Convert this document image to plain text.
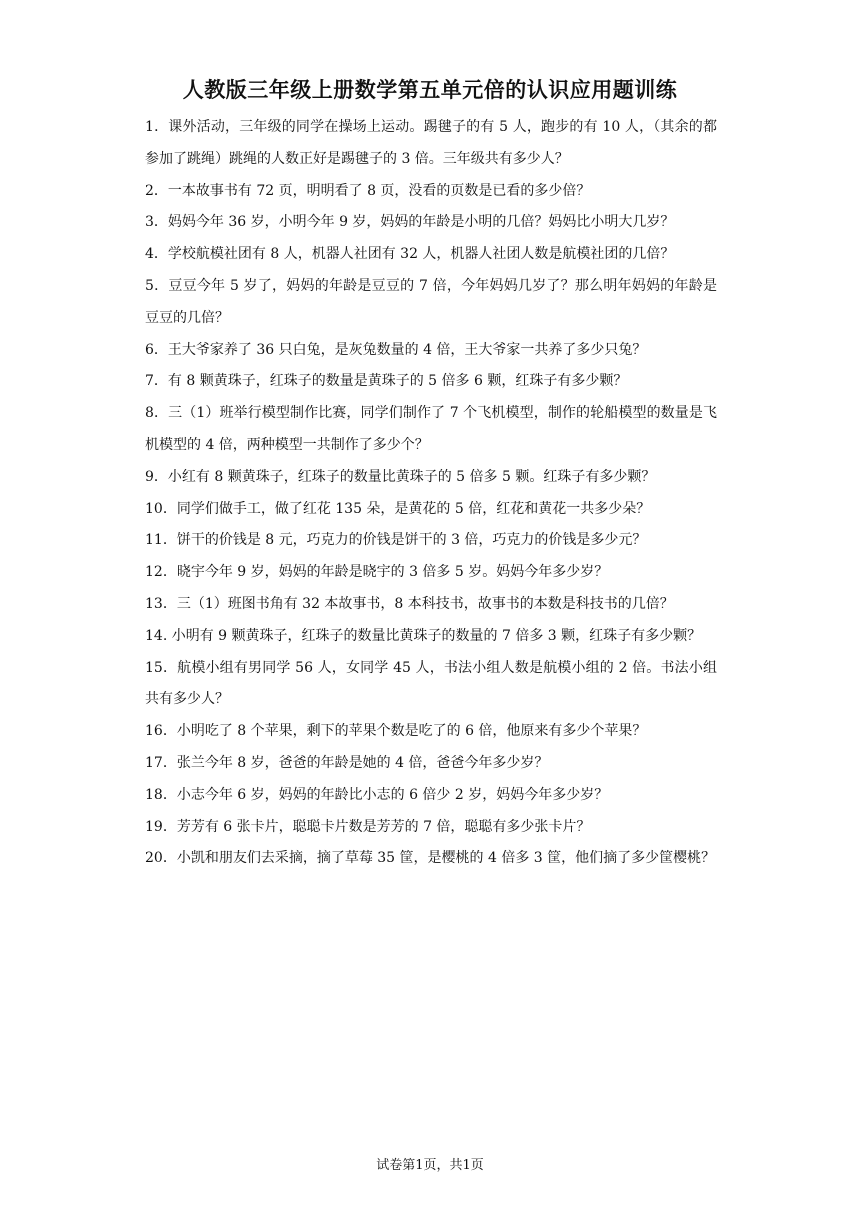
人教版三年级上册数学第五单元倍的认识应用题训练
1．课外活动，三年级的同学在操场上运动。踢毽子的有 5 人，跑步的有 10 人，（其余的都参加了跳绳）跳绳的人数正好是踢毽子的 3 倍。三年级共有多少人？
2．一本故事书有 72 页，明明看了 8 页，没看的页数是已看的多少倍？
3．妈妈今年 36 岁，小明今年 9 岁，妈妈的年龄是小明的几倍？妈妈比小明大几岁？
4．学校航模社团有 8 人，机器人社团有 32 人，机器人社团人数是航模社团的几倍？
5．豆豆今年 5 岁了，妈妈的年龄是豆豆的 7 倍，今年妈妈几岁了？那么明年妈妈的年龄是豆豆的几倍？
6．王大爷家养了 36 只白兔，是灰兔数量的 4 倍，王大爷家一共养了多少只兔？
7．有 8 颗黄珠子，红珠子的数量是黄珠子的 5 倍多 6 颗，红珠子有多少颗？
8．三（1）班举行模型制作比赛，同学们制作了 7 个飞机模型，制作的轮船模型的数量是飞机模型的 4 倍，两种模型一共制作了多少个？
9．小红有 8 颗黄珠子，红珠子的数量比黄珠子的 5 倍多 5 颗。红珠子有多少颗？
10．同学们做手工，做了红花 135 朵，是黄花的 5 倍，红花和黄花一共多少朵？
11．饼干的价钱是 8 元，巧克力的价钱是饼干的 3 倍，巧克力的价钱是多少元？
12．晓宇今年 9 岁，妈妈的年龄是晓宇的 3 倍多 5 岁。妈妈今年多少岁？
13．三（1）班图书角有 32 本故事书，8 本科技书，故事书的本数是科技书的几倍？
14. 小明有 9 颗黄珠子，红珠子的数量比黄珠子的数量的 7 倍多 3 颗，红珠子有多少颗？
15．航模小组有男同学 56 人，女同学 45 人，书法小组人数是航模小组的 2 倍。书法小组共有多少人？
16．小明吃了 8 个苹果，剩下的苹果个数是吃了的 6 倍，他原来有多少个苹果？
17．张兰今年 8 岁，爸爸的年龄是她的 4 倍，爸爸今年多少岁？
18．小志今年 6 岁，妈妈的年龄比小志的 6 倍少 2 岁，妈妈今年多少岁？
19．芳芳有 6 张卡片，聪聪卡片数是芳芳的 7 倍，聪聪有多少张卡片？
20．小凯和朋友们去采摘，摘了草莓 35 筐，是樱桃的 4 倍多 3 筐，他们摘了多少筐樱桃？
试卷第1页，共1页
